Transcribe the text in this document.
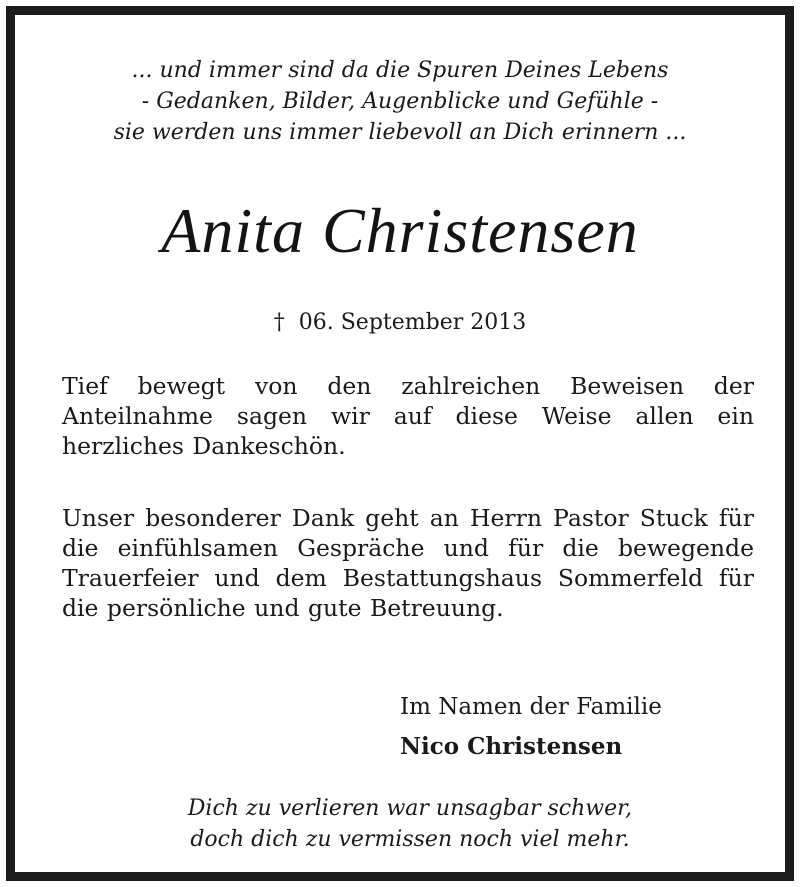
... und immer sind da die Spuren Deines Lebens
- Gedanken, Bilder, Augenblicke und Gefühle -
sie werden uns immer liebevoll an Dich erinnern ...
Anita Christensen
† 06. September 2013
Tief bewegt von den zahlreichen Beweisen der Anteilnahme sagen wir auf diese Weise allen ein herzliches Dankeschön.
Unser besonderer Dank geht an Herrn Pastor Stuck für die einfühlsamen Gespräche und für die bewegende Trauerfeier und dem Bestattungshaus Sommerfeld für die persönliche und gute Betreuung.
Im Namen der Familie
Nico Christensen
Dich zu verlieren war unsagbar schwer,
doch dich zu vermissen noch viel mehr.
